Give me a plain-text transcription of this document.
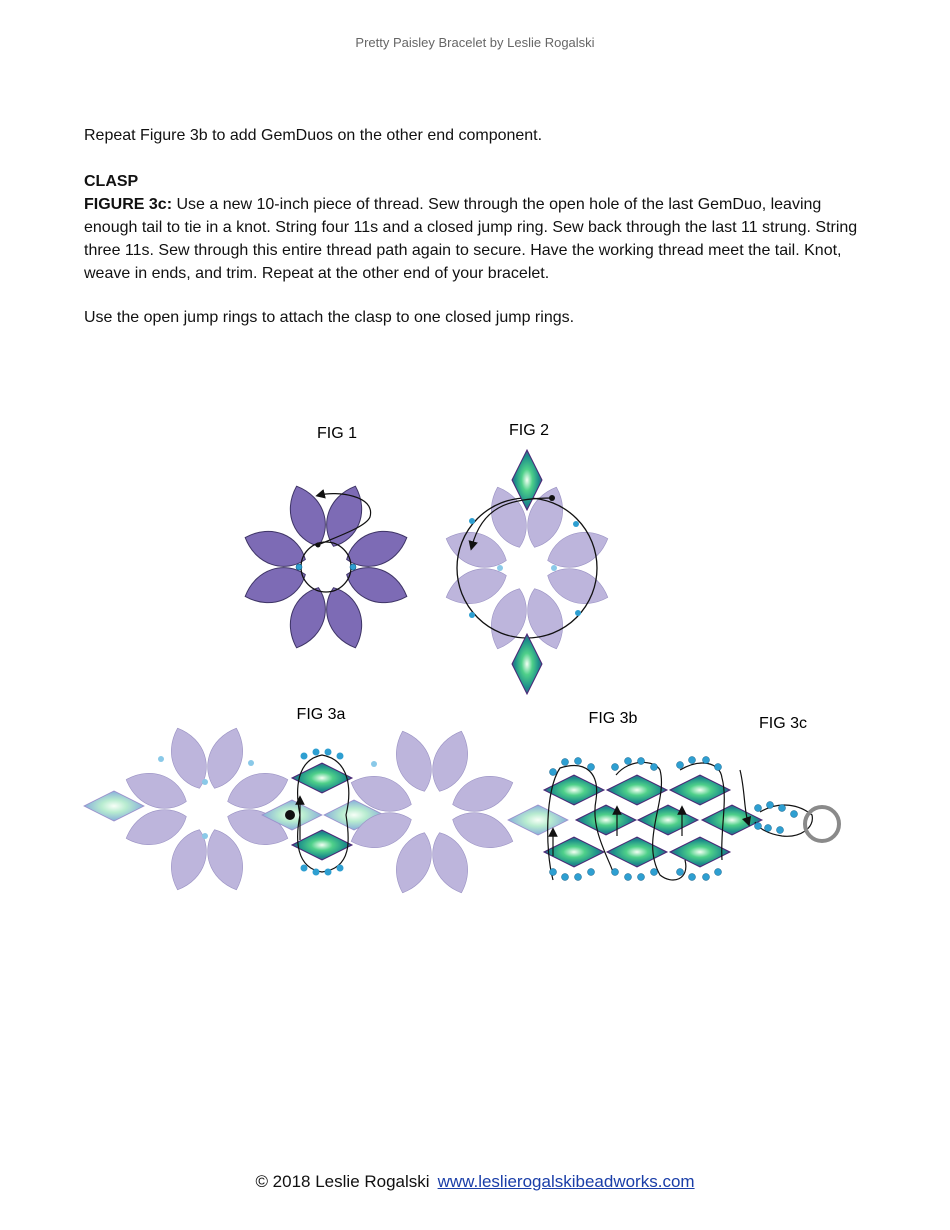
Pretty Paisley Bracelet by Leslie Rogalski
Repeat Figure 3b to add GemDuos on the other end component.
CLASP
FIGURE 3c: Use a new 10-inch piece of thread. Sew through the open hole of the last GemDuo, leaving enough tail to tie in a knot. String four 11s and a closed jump ring. Sew back through the last 11 strung. String three 11s. Sew through this entire thread path again to secure. Have the working thread meet the tail. Knot, weave in ends, and trim. Repeat at the other end of your bracelet.
Use the open jump rings to attach the clasp to one closed jump rings.
FIG 1	FIG 2
FIG 3a	FIG 3b	FIG 3c
© 2018 Leslie Rogalski www.leslierogalskibeadworks.com
